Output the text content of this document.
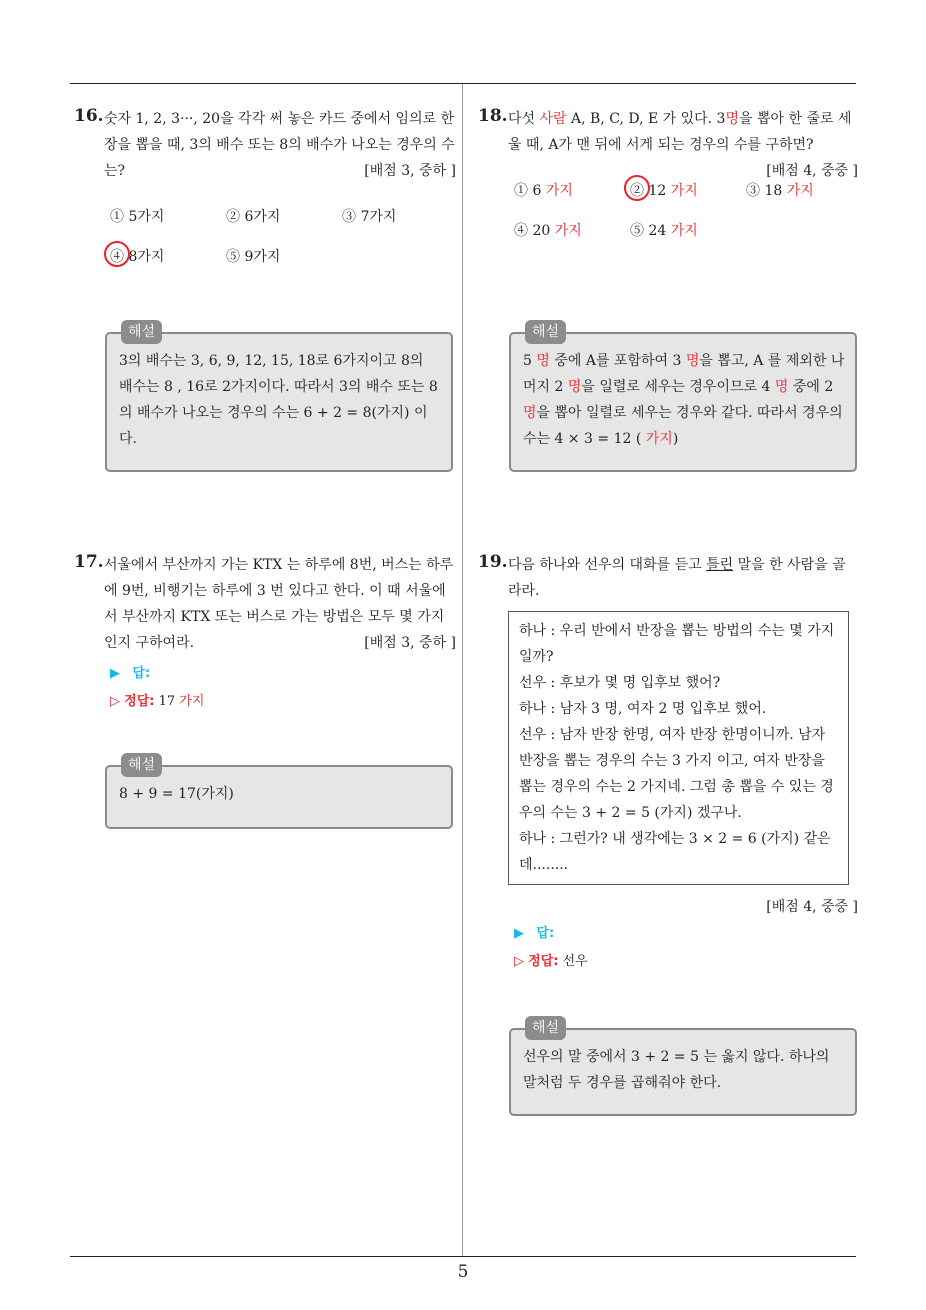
16. 숫자 1, 2, 3···, 20을 각각 써 놓은 카드 중에서 임의로 한 장을 뽑을 때, 3의 배수 또는 8의 배수가 나오는 경우의 수는?	[배점 3, 중하 ]

① 5가지	② 6가지	③ 7가지
④ 8가지	⑤ 9가지
해설
3의 배수는 3, 6, 9, 12, 15, 18로 6가지이고 8의 배수는 8 , 16로 2가지이다. 따라서 3의 배수 또는 8의 배수가 나오는 경우의 수는 6 + 2 = 8(가지) 이다.
17. 서울에서 부산까지 가는 KTX 는 하루에 8번, 버스는 하루에 9번, 비행기는 하루에 3 번 있다고 한다. 이 때 서울에서 부산까지 KTX 또는 버스로 가는 방법은 모두 몇 가지인지 구하여라.	[배점 3, 중하 ]

▶ 답:
▷ 정답: 17 가지
해설
8 + 9 = 17(가지)
18. 다섯 사람 A, B, C, D, E 가 있다. 3명을 뽑아 한 줄로 세울 때, A가 맨 뒤에 서게 되는 경우의 수를 구하면?
[배점 4, 중중 ]

① 6 가지	② 12 가지	③ 18 가지
④ 20 가지	⑤ 24 가지
해설
5 명 중에 A를 포함하여 3 명을 뽑고, A 를 제외한 나머지 2 명을 일렬로 세우는 경우이므로 4 명 중에 2 명을 뽑아 일렬로 세우는 경우와 같다. 따라서 경우의 수는 4 × 3 = 12 ( 가지)
19. 다음 하나와 선우의 대화를 듣고 틀린 말을 한 사람을 골라라.

하나 : 우리 반에서 반장을 뽑는 방법의 수는 몇 가지 일까?
선우 : 후보가 몇 명 입후보 했어?
하나 : 남자 3 명, 여자 2 명 입후보 했어.
선우 : 남자 반장 한명, 여자 반장 한명이니까. 남자 반장을 뽑는 경우의 수는 3 가지 이고, 여자 반장을 뽑는 경우의 수는 2 가지네. 그럼 총 뽑을 수 있는 경우의 수는 3 + 2 = 5 (가지) 겠구나.
하나 : 그런가? 내 생각에는 3 × 2 = 6 (가지) 같은데........
[배점 4, 중중 ]
▶ 답:
▷ 정답: 선우
해설
선우의 말 중에서 3 + 2 = 5 는 옳지 않다. 하나의 말처럼 두 경우를 곱해줘야 한다.
5
